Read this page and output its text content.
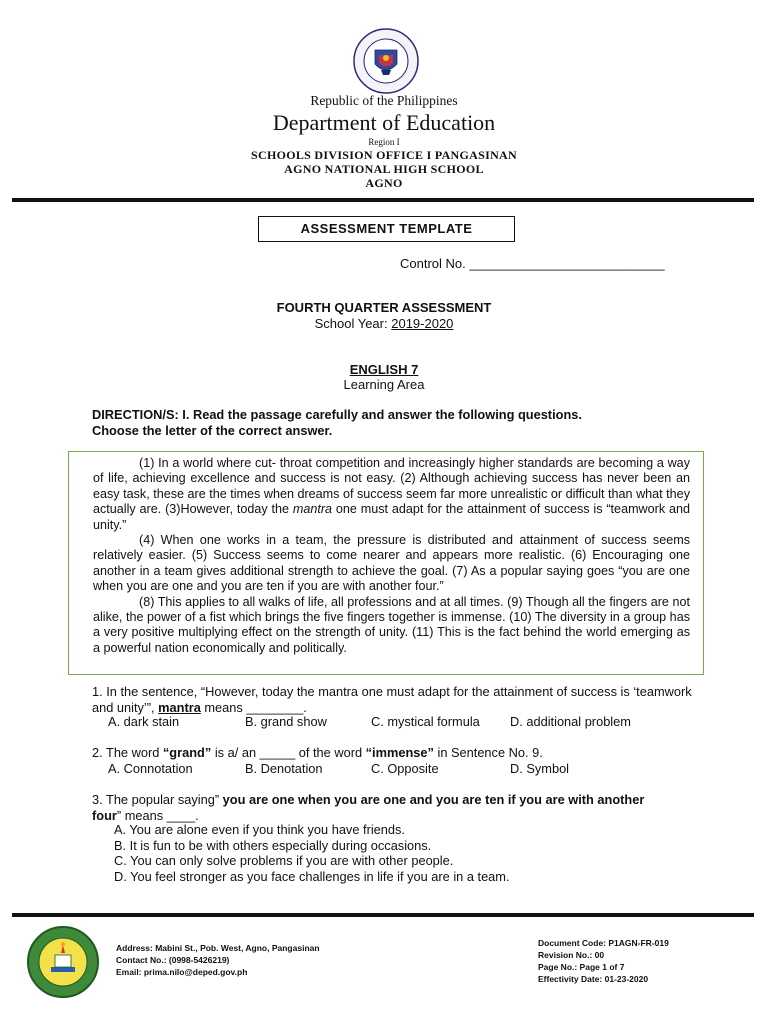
Republic of the Philippines
Department of Education
Region I
SCHOOLS DIVISION OFFICE I PANGASINAN
AGNO NATIONAL HIGH SCHOOL
AGNO
ASSESSMENT TEMPLATE
Control No. ___________________________
FOURTH QUARTER ASSESSMENT
School Year: 2019-2020
ENGLISH 7
Learning Area
DIRECTION/S: I. Read the passage carefully and answer the following questions.
Choose the letter of the correct answer.

(1) In a world where cut- throat competition and increasingly higher standards are becoming a way of life, achieving excellence and success is not easy. (2) Although achieving success has never been an easy task, these are the times when dreams of success seem far more unrealistic or difficult than what they actually are. (3)However, today the mantra one must adapt for the attainment of success is “teamwork and unity.”

(4) When one works in a team, the pressure is distributed and attainment of success seems relatively easier. (5) Success seems to come nearer and appears more realistic. (6) Encouraging one another in a team gives additional strength to achieve the goal. (7) As a popular saying goes “you are one when you are one and you are ten if you are with another four.”

(8) This applies to all walks of life, all professions and at all times. (9) Though all the fingers are not alike, the power of a fist which brings the five fingers together is immense. (10) The diversity in a group has a very positive multiplying effect on the strength of unity. (11) This is the fact behind the world emerging as a powerful nation economically and politically.

1. In the sentence, “However, today the mantra one must adapt for the attainment of success is ‘teamwork and unity’”, mantra means ________.
A. dark stain	B. grand show	C. mystical formula D. additional problem
2. The word “grand” is a/ an _____ of the word “immense” in Sentence No. 9.
A. Connotation	B. Denotation	C. Opposite	D. Symbol
3. The popular saying” you are one when you are one and you are ten if you are with another four” means ____.
A. You are alone even if you think you have friends.
B. It is fun to be with others especially during occasions.
C. You can only solve problems if you are with other people.
D. You feel stronger as you face challenges in life if you are in a team.
Address: Mabini St., Pob. West, Agno, Pangasinan
Contact No.: (0998-5426219)
Email: prima.nilo@deped.gov.ph
Document Code: P1AGN-FR-019
Revision No.: 00
Page No.: Page 1 of 7
Effectivity Date: 01-23-2020
